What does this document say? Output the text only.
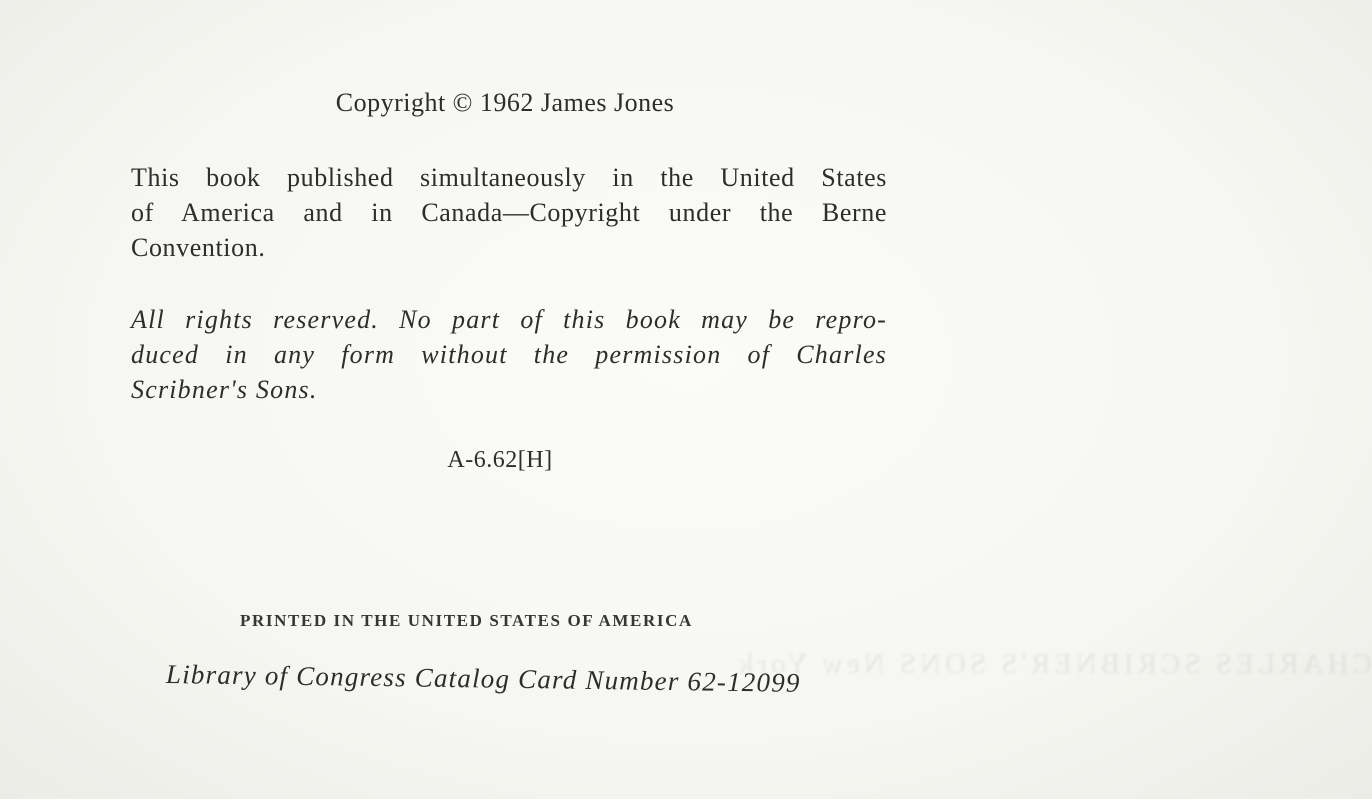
CHARLES SCRIBNER'S SONS New York
Copyright © 1962 James Jones
This book published simultaneously in the United States
of America and in Canada—Copyright under the Berne
Convention.
All rights reserved. No part of this book may be repro-
duced in any form without the permission of Charles
Scribner's Sons.
A-6.62[H]
PRINTED IN THE UNITED STATES OF AMERICA
Library of Congress Catalog Card Number 62-12099
